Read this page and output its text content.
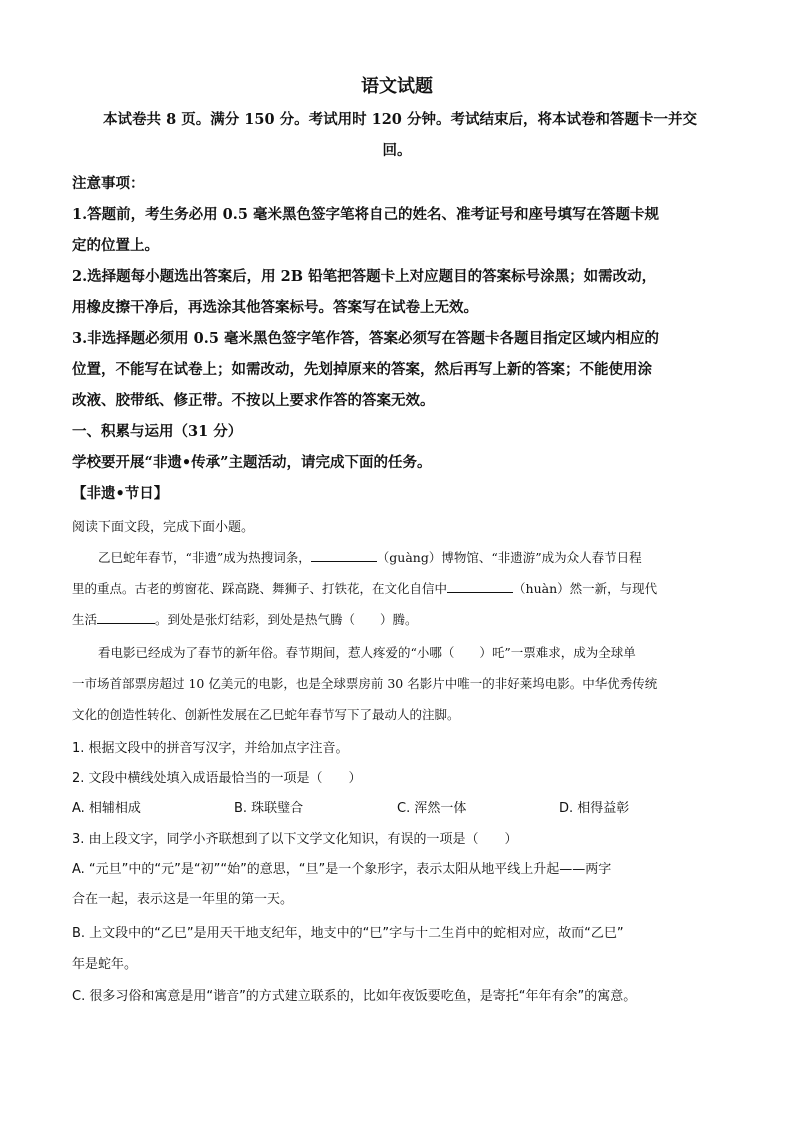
语文试题
本试卷共 8 页。满分 150 分。考试用时 120 分钟。考试结束后，将本试卷和答题卡一并交
回。
注意事项：
1.答题前，考生务必用 0.5 毫米黑色签字笔将自己的姓名、准考证号和座号填写在答题卡规
定的位置上。
2.选择题每小题选出答案后，用 2B 铅笔把答题卡上对应题目的答案标号涂黑；如需改动，
用橡皮擦干净后，再选涂其他答案标号。答案写在试卷上无效。
3.非选择题必须用 0.5 毫米黑色签字笔作答，答案必须写在答题卡各题目指定区域内相应的
位置，不能写在试卷上；如需改动，先划掉原来的答案，然后再写上新的答案；不能使用涂
改液、胶带纸、修正带。不按以上要求作答的答案无效。
一、积累与运用（31 分）
学校要开展“非遗•传承”主题活动，请完成下面的任务。
【非遗•节日】
阅读下面文段，完成下面小题。
乙巳蛇年春节，“非遗”成为热搜词条，	（guàng）博物馆、“非遗游”成为众人春节日程
里的重点。古老的剪窗花、踩高跷、舞狮子、打铁花，在文化自信中	（huàn）然一新，与现代
生活	。到处是张灯结彩，到处是热气腾（　　）腾。
看电影已经成为了春节的新年俗。春节期间，惹人疼爱的“小哪（　　）吒”一票难求，成为全球单
一市场首部票房超过 10 亿美元的电影，也是全球票房前 30 名影片中唯一的非好莱坞电影。中华优秀传统
文化的创造性转化、创新性发展在乙巳蛇年春节写下了最动人的注脚。
1. 根据文段中的拼音写汉字，并给加点字注音。
2. 文段中横线处填入成语最恰当的一项是（　　）
A. 相辅相成	B. 珠联璧合	C. 浑然一体	D. 相得益彰
3. 由上段文字，同学小齐联想到了以下文学文化知识，有误的一项是（　　）
A. “元旦”中的“元”是“初”“始”的意思，“旦”是一个象形字，表示太阳从地平线上升起——两字
合在一起，表示这是一年里的第一天。
B. 上文段中的“乙巳”是用天干地支纪年，地支中的“巳”字与十二生肖中的蛇相对应，故而“乙巳”
年是蛇年。
C. 很多习俗和寓意是用“谐音”的方式建立联系的，比如年夜饭要吃鱼，是寄托“年年有余”的寓意。
